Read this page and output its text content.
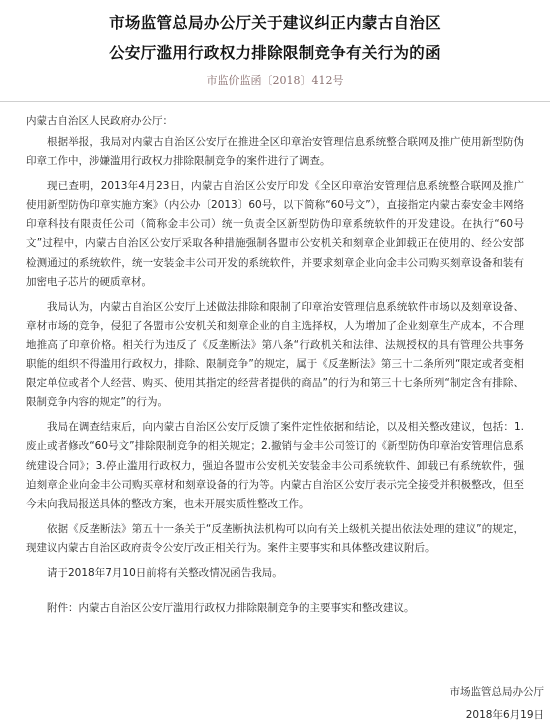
市场监管总局办公厅关于建议纠正内蒙古自治区
公安厅滥用行政权力排除限制竞争有关行为的函
市监价监函〔2018〕412号

内蒙古自治区人民政府办公厅：

根据举报，我局对内蒙古自治区公安厅在推进全区印章治安管理信息系统整合联网及推广使用新型防伪印章工作中，涉嫌滥用行政权力排除限制竞争的案件进行了调查。

现已查明，2013年4月23日，内蒙古自治区公安厅印发《全区印章治安管理信息系统整合联网及推广使用新型防伪印章实施方案》（内公办〔2013〕60号，以下简称“60号文”），直接指定内蒙古泰安金丰网络印章科技有限责任公司（简称金丰公司）统一负责全区新型防伪印章系统软件的开发建设。在执行“60号文”过程中，内蒙古自治区公安厅采取各种措施强制各盟市公安机关和刻章企业卸载正在使用的、经公安部检测通过的系统软件，统一安装金丰公司开发的系统软件，并要求刻章企业向金丰公司购买刻章设备和装有加密电子芯片的硬质章材。

我局认为，内蒙古自治区公安厅上述做法排除和限制了印章治安管理信息系统软件市场以及刻章设备、章材市场的竞争，侵犯了各盟市公安机关和刻章企业的自主选择权，人为增加了企业刻章生产成本，不合理地推高了印章价格。相关行为违反了《反垄断法》第八条“行政机关和法律、法规授权的具有管理公共事务职能的组织不得滥用行政权力，排除、限制竞争”的规定，属于《反垄断法》第三十二条所列“限定或者变相限定单位或者个人经营、购买、使用其指定的经营者提供的商品”的行为和第三十七条所列“制定含有排除、限制竞争内容的规定”的行为。

我局在调查结束后，向内蒙古自治区公安厅反馈了案件定性依据和结论，以及相关整改建议，包括：1.废止或者修改“60号文”排除限制竞争的相关规定；2.撤销与金丰公司签订的《新型防伪印章治安管理信息系统建设合同》；3.停止滥用行政权力，强迫各盟市公安机关安装金丰公司系统软件、卸载已有系统软件，强迫刻章企业向金丰公司购买章材和刻章设备的行为等。内蒙古自治区公安厅表示完全接受并积极整改，但至今未向我局报送具体的整改方案，也未开展实质性整改工作。

依据《反垄断法》第五十一条关于“反垄断执法机构可以向有关上级机关提出依法处理的建议”的规定，现建议内蒙古自治区政府责令公安厅改正相关行为。案件主要事实和具体整改建议附后。

请于2018年7月10日前将有关整改情况函告我局。

附件：内蒙古自治区公安厅滥用行政权力排除限制竞争的主要事实和整改建议。

市场监管总局办公厅
2018年6月19日
